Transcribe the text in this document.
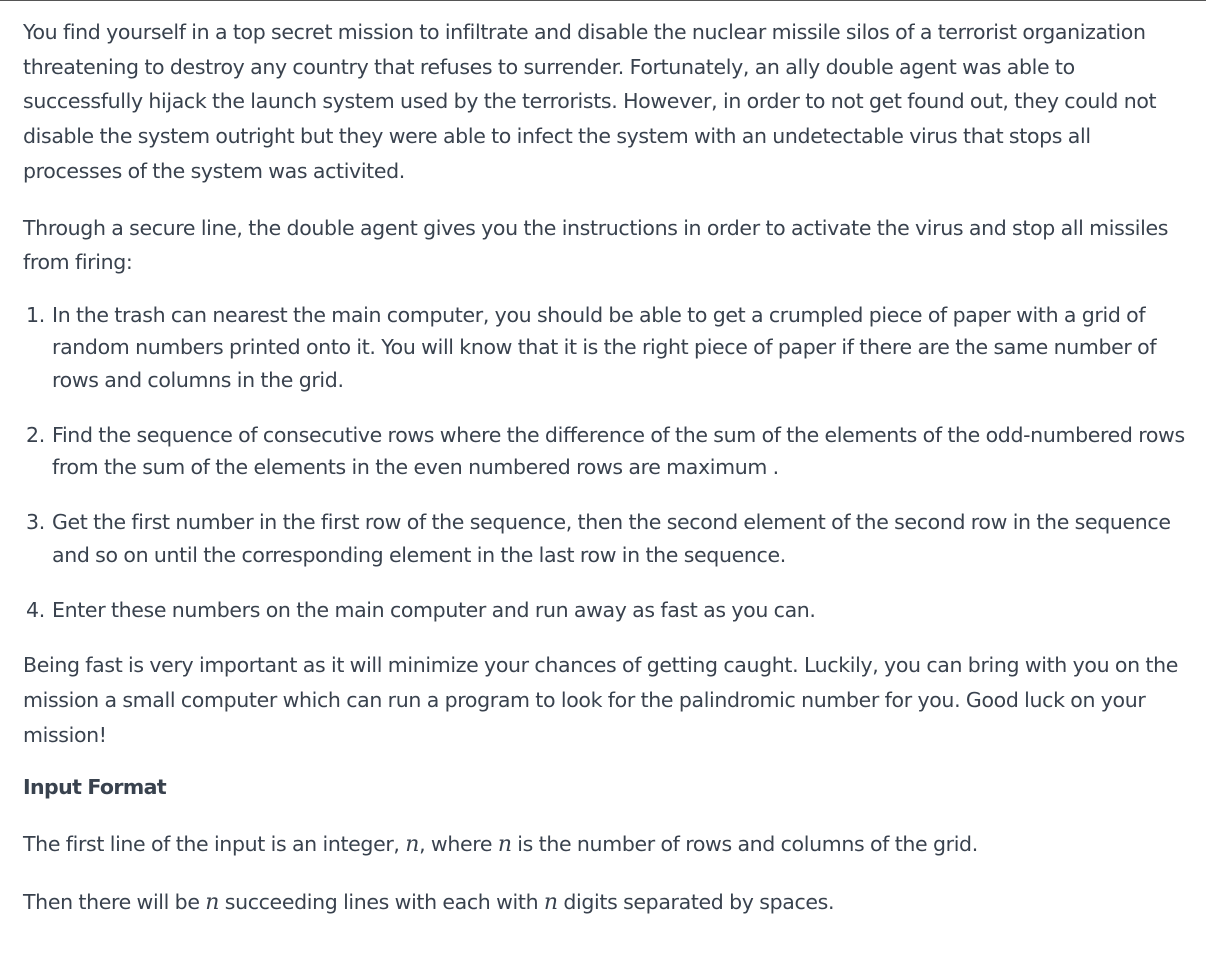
You find yourself in a top secret mission to infiltrate and disable the nuclear missile silos of a terrorist organization threatening to destroy any country that refuses to surrender. Fortunately, an ally double agent was able to successfully hijack the launch system used by the terrorists. However, in order to not get found out, they could not disable the system outright but they were able to infect the system with an undetectable virus that stops all processes of the system was activited.

Through a secure line, the double agent gives you the instructions in order to activate the virus and stop all missiles from firing:

1. In the trash can nearest the main computer, you should be able to get a crumpled piece of paper with a grid of random numbers printed onto it. You will know that it is the right piece of paper if there are the same number of rows and columns in the grid.
2. Find the sequence of consecutive rows where the difference of the sum of the elements of the odd-numbered rows from the sum of the elements in the even numbered rows are maximum .
3. Get the first number in the first row of the sequence, then the second element of the second row in the sequence and so on until the corresponding element in the last row in the sequence.
4. Enter these numbers on the main computer and run away as fast as you can.

Being fast is very important as it will minimize your chances of getting caught. Luckily, you can bring with you on the mission a small computer which can run a program to look for the palindromic number for you. Good luck on your mission!

Input Format

The first line of the input is an integer, n, where n is the number of rows and columns of the grid.

Then there will be n succeeding lines with each with n digits separated by spaces.
